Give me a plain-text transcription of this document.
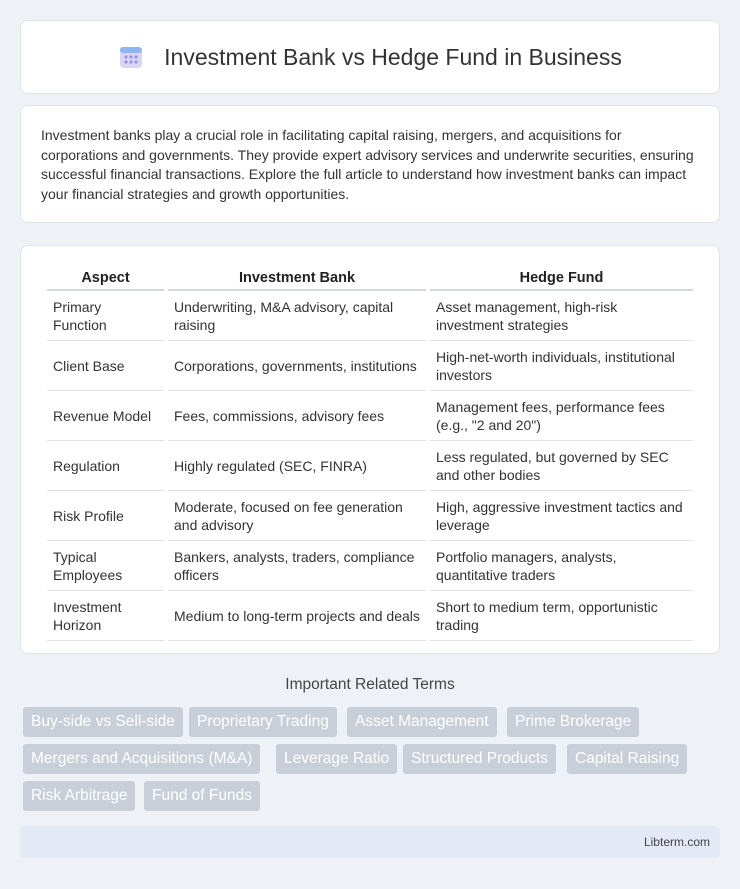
Investment Bank vs Hedge Fund in Business

Investment banks play a crucial role in facilitating capital raising, mergers, and acquisitions for corporations and governments. They provide expert advisory services and underwrite securities, ensuring successful financial transactions. Explore the full article to understand how investment banks can impact your financial strategies and growth opportunities.

Aspect	Investment Bank	Hedge Fund
Primary Function	Underwriting, M&A advisory, capital raising	Asset management, high-risk investment strategies
Client Base	Corporations, governments, institutions	High-net-worth individuals, institutional investors
Revenue Model	Fees, commissions, advisory fees	Management fees, performance fees (e.g., "2 and 20")
Regulation	Highly regulated (SEC, FINRA)	Less regulated, but governed by SEC and other bodies
Risk Profile	Moderate, focused on fee generation and advisory	High, aggressive investment tactics and leverage
Typical Employees	Bankers, analysts, traders, compliance officers	Portfolio managers, analysts, quantitative traders
Investment Horizon	Medium to long-term projects and deals	Short to medium term, opportunistic trading
Important Related Terms
Buy-side vs Sell-side	Proprietary Trading	Asset Management	Prime Brokerage
Mergers and Acquisitions (M&A)	Leverage Ratio	Structured Products	Capital Raising
Risk Arbitrage	Fund of Funds
Libterm.com
